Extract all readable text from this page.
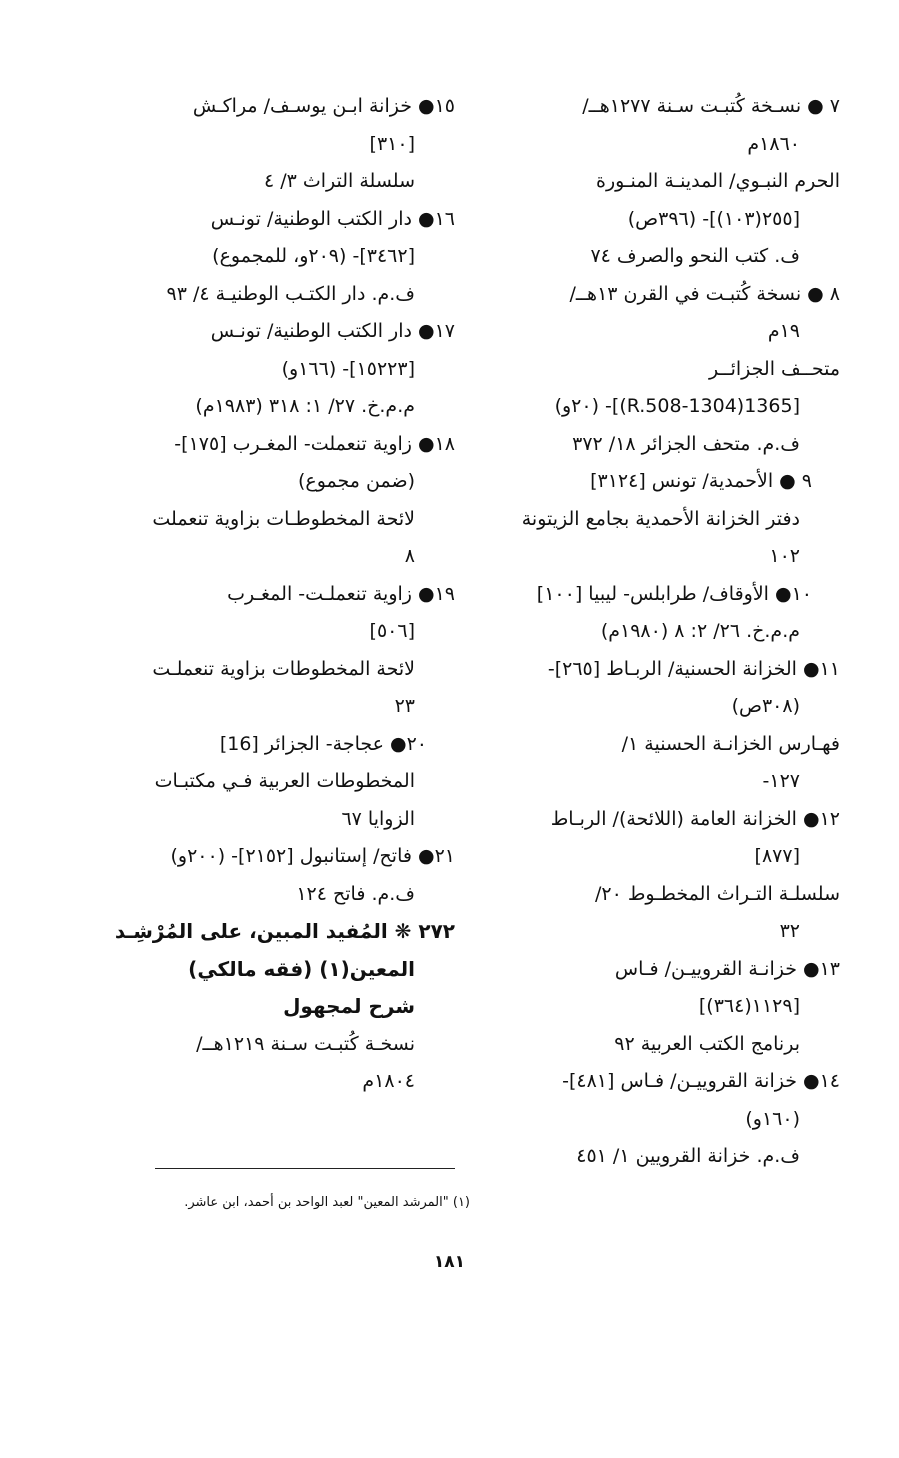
٧ ● نسـخة كُتبـت سـنة ١٢٧٧هــ/
١٨٦٠م
الحرم النبـوي/ المدينـة المنـورة
[٢٥٥(١٠٣)]- (٣٩٦ص)
ف. كتب النحو والصرف ٧٤
٨ ● نسخة كُتبـت في القرن ١٣هــ/
١٩م
متحــف الجزائــر
[1365(1304-R.508)]- (٢٠و)
ف.م. متحف الجزائر ١٨/ ٣٧٢
٩ ● الأحمدية/ تونس [٣١٢٤]
دفتر الخزانة الأحمدية بجامع الزيتونة
١٠٢
١٠● الأوقاف/ طرابلس- ليبيا [١٠٠]
م.م.خ. ٢٦/ ٢: ٨ (١٩٨٠م)
١١● الخزانة الحسنية/ الربـاط [٢٦٥]-
(٣٠٨ص)
فهـارس الخزانـة الحسنية ١/
١٢٧-
١٢● الخزانة العامة (اللائحة)/ الربـاط
[٨٧٧]
سلسلـة التـراث المخطـوط ٢٠/
٣٢
١٣● خزانـة القروييـن/ فـاس
[١١٢٩(٣٦٤)]
برنامج الكتب العربية ٩٢
١٤● خزانة القروييـن/ فـاس [٤٨١]-
(١٦٠و)
ف.م. خزانة القرويين ١/ ٤٥١
١٥● خزانة ابـن يوسـف/ مراكـش
[٣١٠]
سلسلة التراث ٣/ ٤
١٦● دار الكتب الوطنية/ تونـس
[٣٤٦٢]- (٢٠٩و، للمجموع)
ف.م. دار الكتـب الوطنيـة ٤/ ٩٣
١٧● دار الكتب الوطنية/ تونـس
[١٥٢٢٣]- (١٦٦و)
م.م.خ. ٢٧/ ١: ٣١٨ (١٩٨٣م)
١٨● زاوية تنعملت- المغـرب [١٧٥]-
(ضمن مجموع)
لائحة المخطوطـات بزاوية تنعملت
٨
١٩● زاوية تنعملـت- المغـرب
[٥٠٦]
لائحة المخطوطات بزاوية تنعملـت
٢٣
٢٠● عجاجة- الجزائر [16]
المخطوطات العربية فـي مكتبـات
الزوايا ٦٧
٢١● فاتح/ إستانبول [٢١٥٢]- (٢٠٠و)
ف.م. فاتح ١٢٤
٢٧٢ ❋ المُفيد المبين، على المُرْشِـد
المعين(١) (فقه مالكي)
شرح لمجهول
نسخـة كُتبـت سـنة ١٢١٩هــ/
١٨٠٤م
(١) "المرشد المعين" لعبد الواحد بن أحمد، ابن عاشر.
١٨١
